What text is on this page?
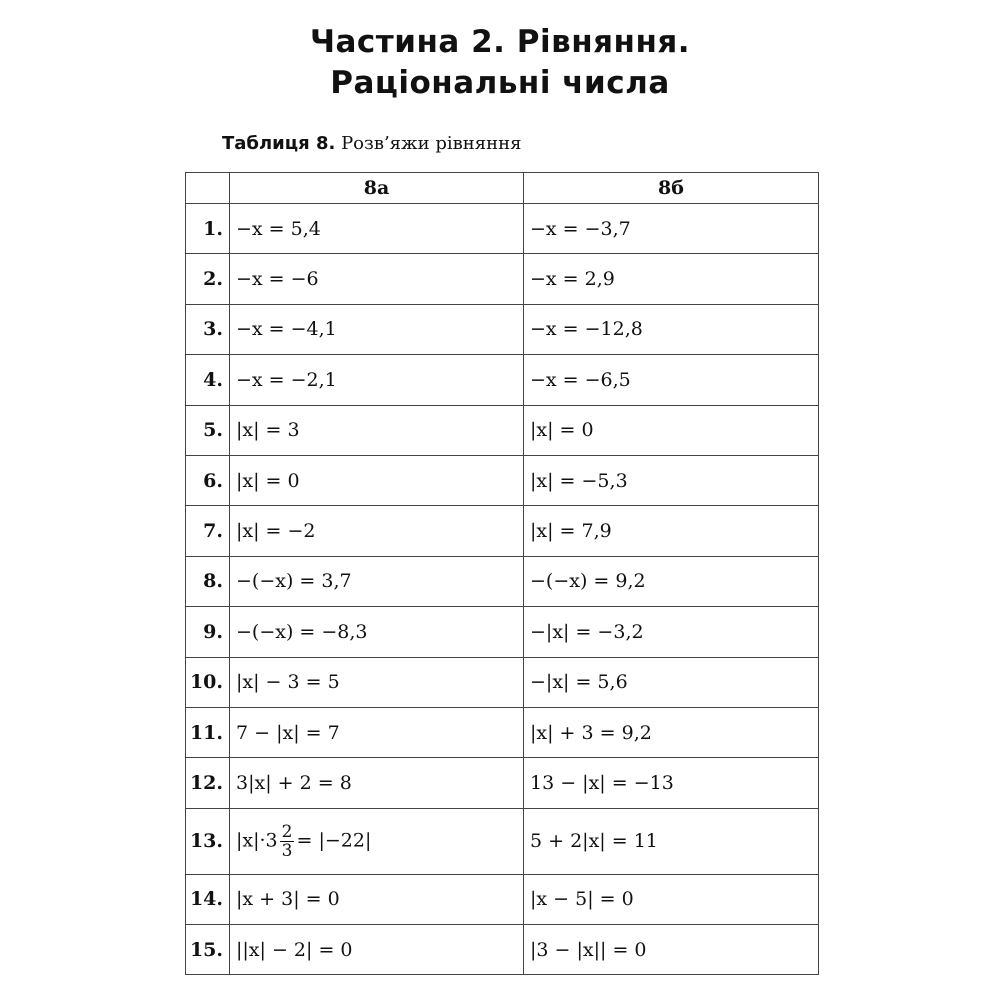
Частина 2. Рівняння.
Раціональні числа
Таблиця 8. Розв’яжи рівняння
	8а	8б
1.	−x = 5,4	−x = −3,7
2.	−x = −6	−x = 2,9
3.	−x = −4,1	−x = −12,8
4.	−x = −2,1	−x = −6,5
5.	|x| = 3	|x| = 0
6.	|x| = 0	|x| = −5,3
7.	|x| = −2	|x| = 7,9
8.	−(−x) = 3,7	−(−x) = 9,2
9.	−(−x) = −8,3	−|x| = −3,2
10.	|x| − 3 = 5	−|x| = 5,6
11.	7 − |x| = 7	|x| + 3 = 9,2
12.	3|x| + 2 = 8	13 − |x| = −13
13.	$|x|\cdot 3 \frac{2}{3} = |-22|$	5 + 2|x| = 11
14.	|x + 3| = 0	|x − 5| = 0
15.	||x| − 2| = 0	|3 − |x|| = 0
